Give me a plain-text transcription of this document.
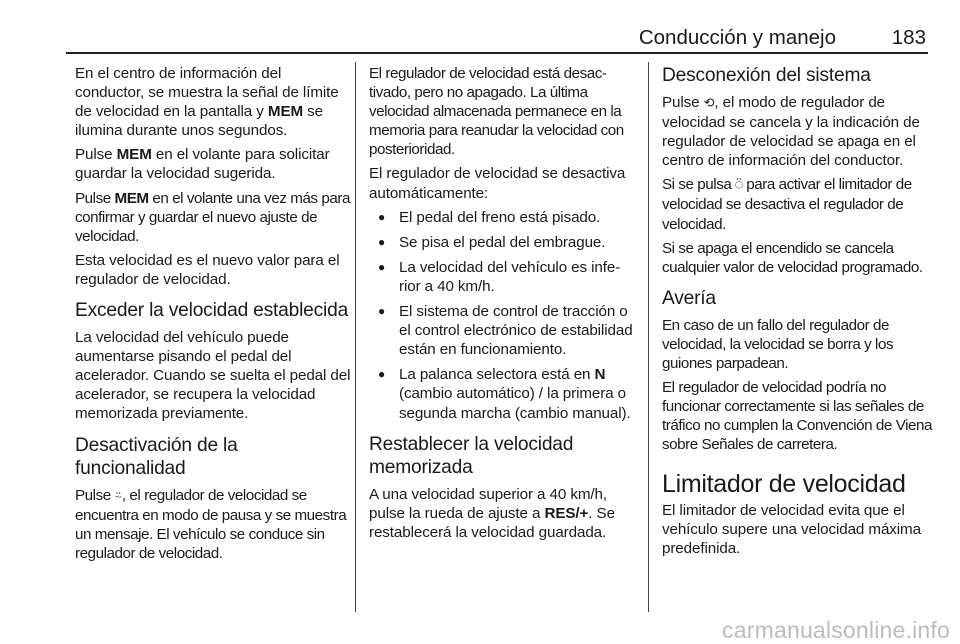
Conducción y manejo	183

En el centro de información del conductor, se muestra la señal de límite de velocidad en la pantalla y MEM se ilumina durante unos segundos.

Pulse MEM en el volante para solicitar guardar la velocidad sugerida.

Pulse MEM en el volante una vez más para confirmar y guardar el nuevo ajuste de velocidad.

Esta velocidad es el nuevo valor para el regulador de velocidad.

Exceder la velocidad establecida

La velocidad del vehículo puede aumentarse pisando el pedal del acelerador. Cuando se suelta el pedal del acelerador, se recupera la velocidad memorizada previamente.

Desactivación de la funcionalidad

Pulse ⍨, el regulador de velocidad se encuentra en modo de pausa y se muestra un mensaje. El vehículo se conduce sin regulador de velocidad.

El regulador de velocidad está desactivado, pero no apagado. La última velocidad almacenada permanece en la memoria para reanudar la velocidad con posterioridad.

El regulador de velocidad se desactiva automáticamente:

● El pedal del freno está pisado.
● Se pisa el pedal del embrague.
● La velocidad del vehículo es inferior a 40 km/h.
● El sistema de control de tracción o el control electrónico de estabilidad están en funcionamiento.
● La palanca selectora está en N (cambio automático) / la primera o segunda marcha (cambio manual).
Restablecer la velocidad memorizada

A una velocidad superior a 40 km/h, pulse la rueda de ajuste a RES/+. Se restablecerá la velocidad guardada.

Desconexión del sistema

Pulse ⟲, el modo de regulador de velocidad se cancela y la indicación de regulador de velocidad se apaga en el centro de información del conductor.

Si se pulsa ⍥ para activar el limitador de velocidad se desactiva el regulador de velocidad.

Si se apaga el encendido se cancela cualquier valor de velocidad programado.

Avería

En caso de un fallo del regulador de velocidad, la velocidad se borra y los guiones parpadean.

El regulador de velocidad podría no funcionar correctamente si las señales de tráfico no cumplen la Convención de Viena sobre Señales de carretera.

Limitador de velocidad

El limitador de velocidad evita que el vehículo supere una velocidad máxima predefinida.

carmanualsonline.info
